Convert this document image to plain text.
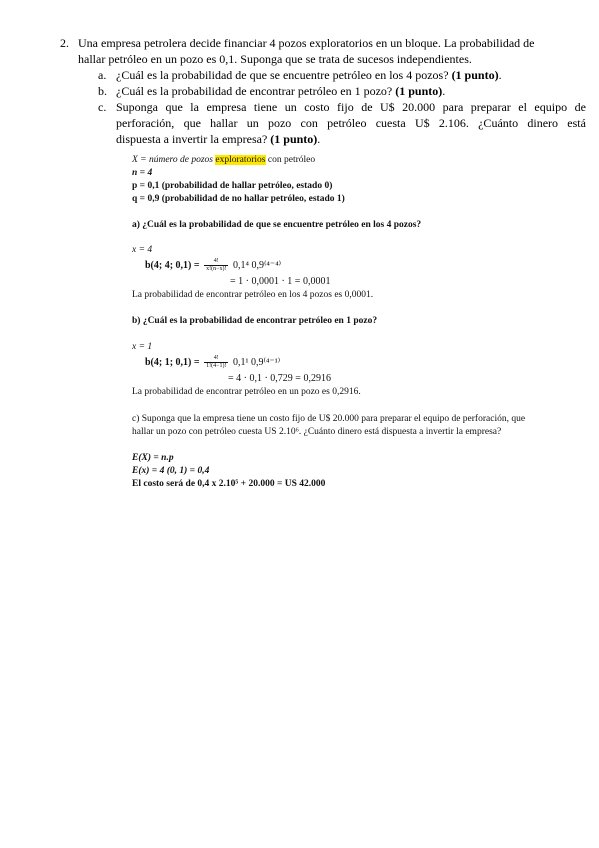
2. Una empresa petrolera decide financiar 4 pozos exploratorios en un bloque. La probabilidad de
hallar petróleo en un pozo es 0,1. Suponga que se trata de sucesos independientes.
a. ¿Cuál es la probabilidad de que se encuentre petróleo en los 4 pozos? (1 punto).
b. ¿Cuál es la probabilidad de encontrar petróleo en 1 pozo? (1 punto).
c. Suponga que la empresa tiene un costo fijo de U$ 20.000 para preparar el equipo de
perforación, que hallar un pozo con petróleo cuesta U$ 2.106. ¿Cuánto dinero está
dispuesta a invertir la empresa? (1 punto).
X = número de pozos exploratorios con petróleo
n = 4
p = 0,1 (probabilidad de hallar petróleo, estado 0)
q = 0,9 (probabilidad de no hallar petróleo, estado 1)
a) ¿Cuál es la probabilidad de que se encuentre petróleo en los 4 pozos?
x = 4
b(4; 4; $0,1) = \frac{4!}{x!(n-x)!} 0,1^4$ 0,9⁽⁴⁻⁴⁾
= 1 · 0,0001 · 1 = 0,0001
La probabilidad de encontrar petróleo en los 4 pozos es 0,0001.
b) ¿Cuál es la probabilidad de encontrar petróleo en 1 pozo?
x = 1
b(4; 1; $0,1) = \frac{4!}{1!(4-1)!} 0,1^1$ 0,9⁽⁴⁻¹⁾
= 4 · 0,1 · 0,729 = 0,2916
La probabilidad de encontrar petróleo en un pozo es 0,2916.
c) Suponga que la empresa tiene un costo fijo de U$ 20.000 para preparar el equipo de perforación, que
hallar un pozo con petróleo cuesta US 2.10⁶. ¿Cuánto dinero está dispuesta a invertir la empresa?
E(X) = n.p
E(x) = 4 (0, 1) = 0,4
El costo será de 0,4 x 2.10⁵ + 20.000 = US 42.000
